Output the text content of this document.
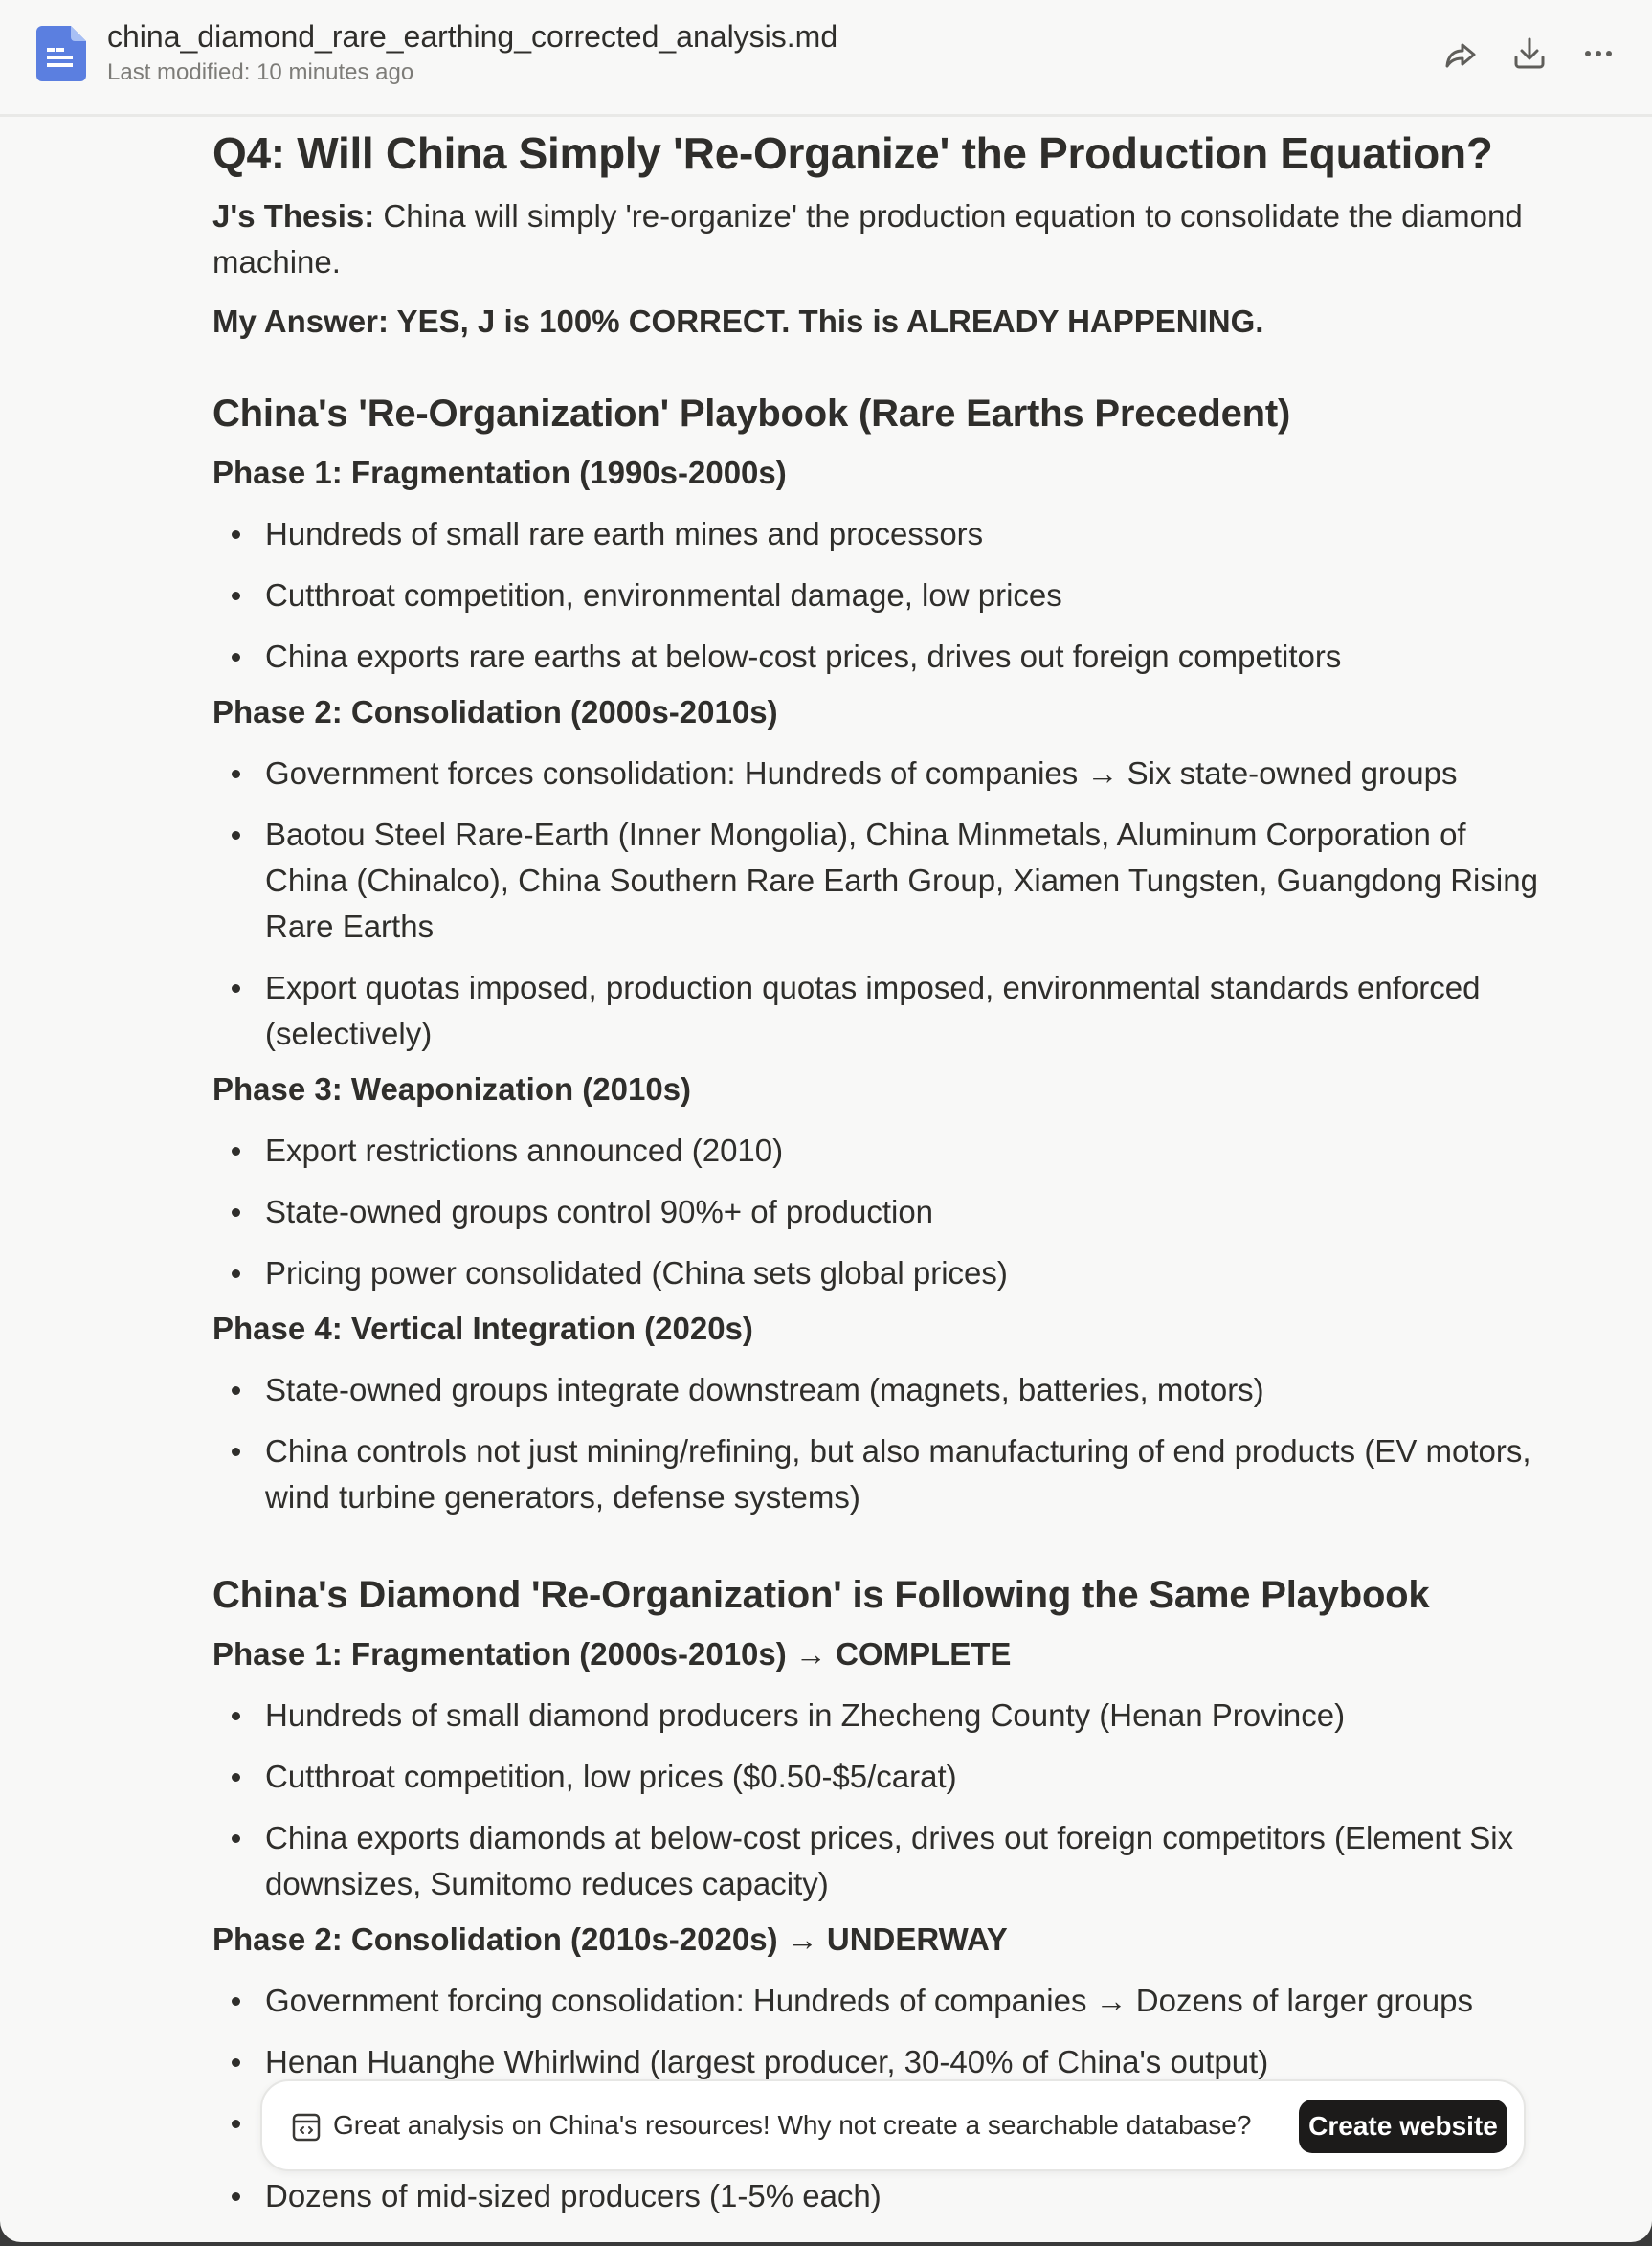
china_diamond_rare_earthing_corrected_analysis.md
Last modified: 10 minutes ago
Q4: Will China Simply 'Re-Organize' the Production Equation?

J's Thesis: China will simply 're-organize' the production equation to consolidate the diamond machine.

My Answer: YES, J is 100% CORRECT. This is ALREADY HAPPENING.

China's 'Re-Organization' Playbook (Rare Earths Precedent)
Phase 1: Fragmentation (1990s-2000s)
Hundreds of small rare earth mines and processors
Cutthroat competition, environmental damage, low prices
China exports rare earths at below-cost prices, drives out foreign competitors
Phase 2: Consolidation (2000s-2010s)
Government forces consolidation: Hundreds of companies → Six state-owned groups
Baotou Steel Rare-Earth (Inner Mongolia), China Minmetals, Aluminum Corporation of China (Chinalco), China Southern Rare Earth Group, Xiamen Tungsten, Guangdong Rising Rare Earths
Export quotas imposed, production quotas imposed, environmental standards enforced (selectively)
Phase 3: Weaponization (2010s)
Export restrictions announced (2010)
State-owned groups control 90%+ of production
Pricing power consolidated (China sets global prices)
Phase 4: Vertical Integration (2020s)
State-owned groups integrate downstream (magnets, batteries, motors)
China controls not just mining/refining, but also manufacturing of end products (EV motors, wind turbine generators, defense systems)
China's Diamond 'Re-Organization' is Following the Same Playbook
Phase 1: Fragmentation (2000s-2010s) → COMPLETE
Hundreds of small diamond producers in Zhecheng County (Henan Province)
Cutthroat competition, low prices ($0.50-$5/carat)
China exports diamonds at below-cost prices, drives out foreign competitors (Element Six downsizes, Sumitomo reduces capacity)
Phase 2: Consolidation (2010s-2020s) → UNDERWAY
Government forcing consolidation: Hundreds of companies → Dozens of larger groups
Henan Huanghe Whirlwind (largest producer, 30-40% of China's output)
Dozens of mid-sized producers (1-5% each)
Great analysis on China's resources! Why not create a searchable database?	Create website
